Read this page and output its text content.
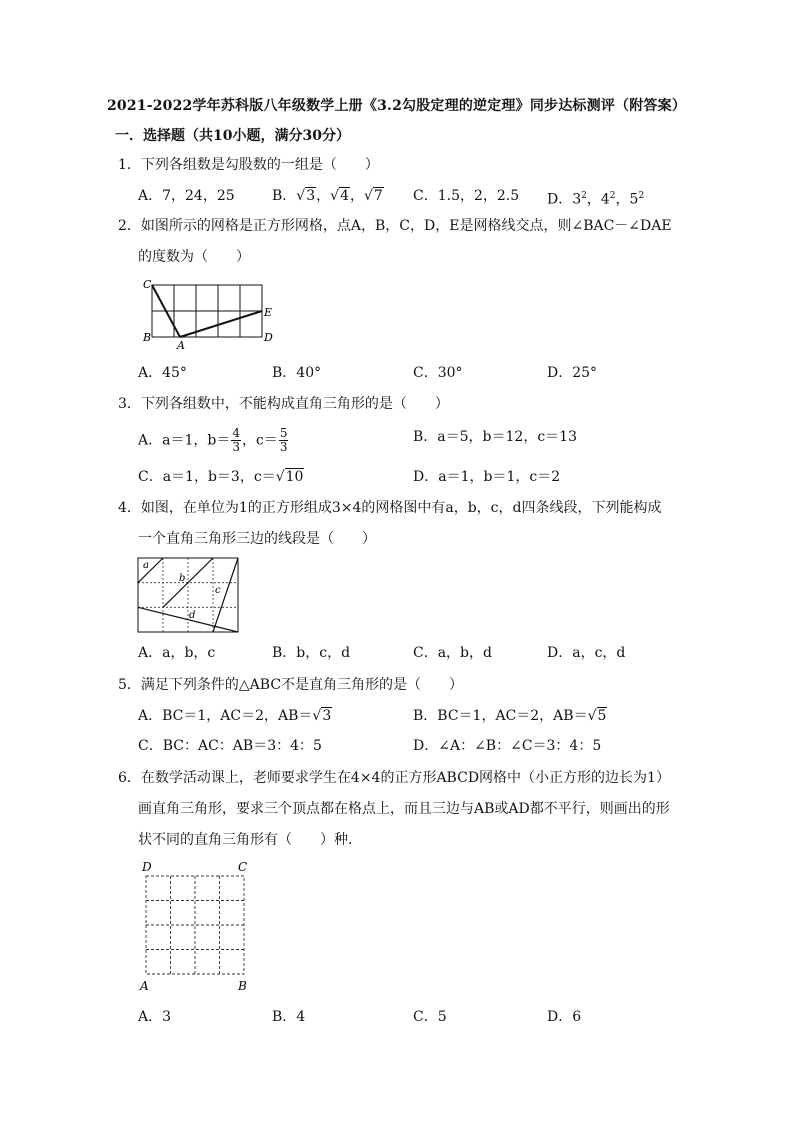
2021-2022学年苏科版八年级数学上册《3.2勾股定理的逆定理》同步达标测评（附答案）
一．选择题（共10小题，满分30分）
1．下列各组数是勾股数的一组是（　　）
A．7，24，25	B．√3，√4，√7 C．1.5，2，2.5 D．$3^2$，$4^2$，$5^2$
2．如图所示的网格是正方形网格，点A，B，C，D，E是网格线交点，则∠BAC－∠DAE
的度数为（　　）
C
B
A
E
D
A．45°	B．40°	C．30°	D．25°
3．下列各组数中，不能构成直角三角形的是（　　）
A．a＝1，$b= \frac{4}{3}$ ，$c= \frac{5}{3}$	B．a＝5，b＝12，c＝13
C．a＝1，b＝3，c＝√10	D．a＝1，b＝1，c＝2
4．如图，在单位为1的正方形组成3×4的网格图中有a，b，c，d四条线段，下列能构成
一个直角三角形三边的线段是（　　）
a
b
c
d
A．a，b，c	B．b，c，d	C．a，b，d	D．a，c，d
5．满足下列条件的△ABC不是直角三角形的是（　　）
A．BC＝1，AC＝2，AB＝√3	B．BC＝1，AC＝2，AB＝√5
C．BC：AC：AB＝3：4：5	D．∠A：∠B：∠C＝3：4：5
6．在数学活动课上，老师要求学生在4×4的正方形ABCD网格中（小正方形的边长为1）
画直角三角形，要求三个顶点都在格点上，而且三边与AB或AD都不平行，则画出的形
状不同的直角三角形有（　　）种．
D	C
A	B
A．3	B．4	C．5	D．6
